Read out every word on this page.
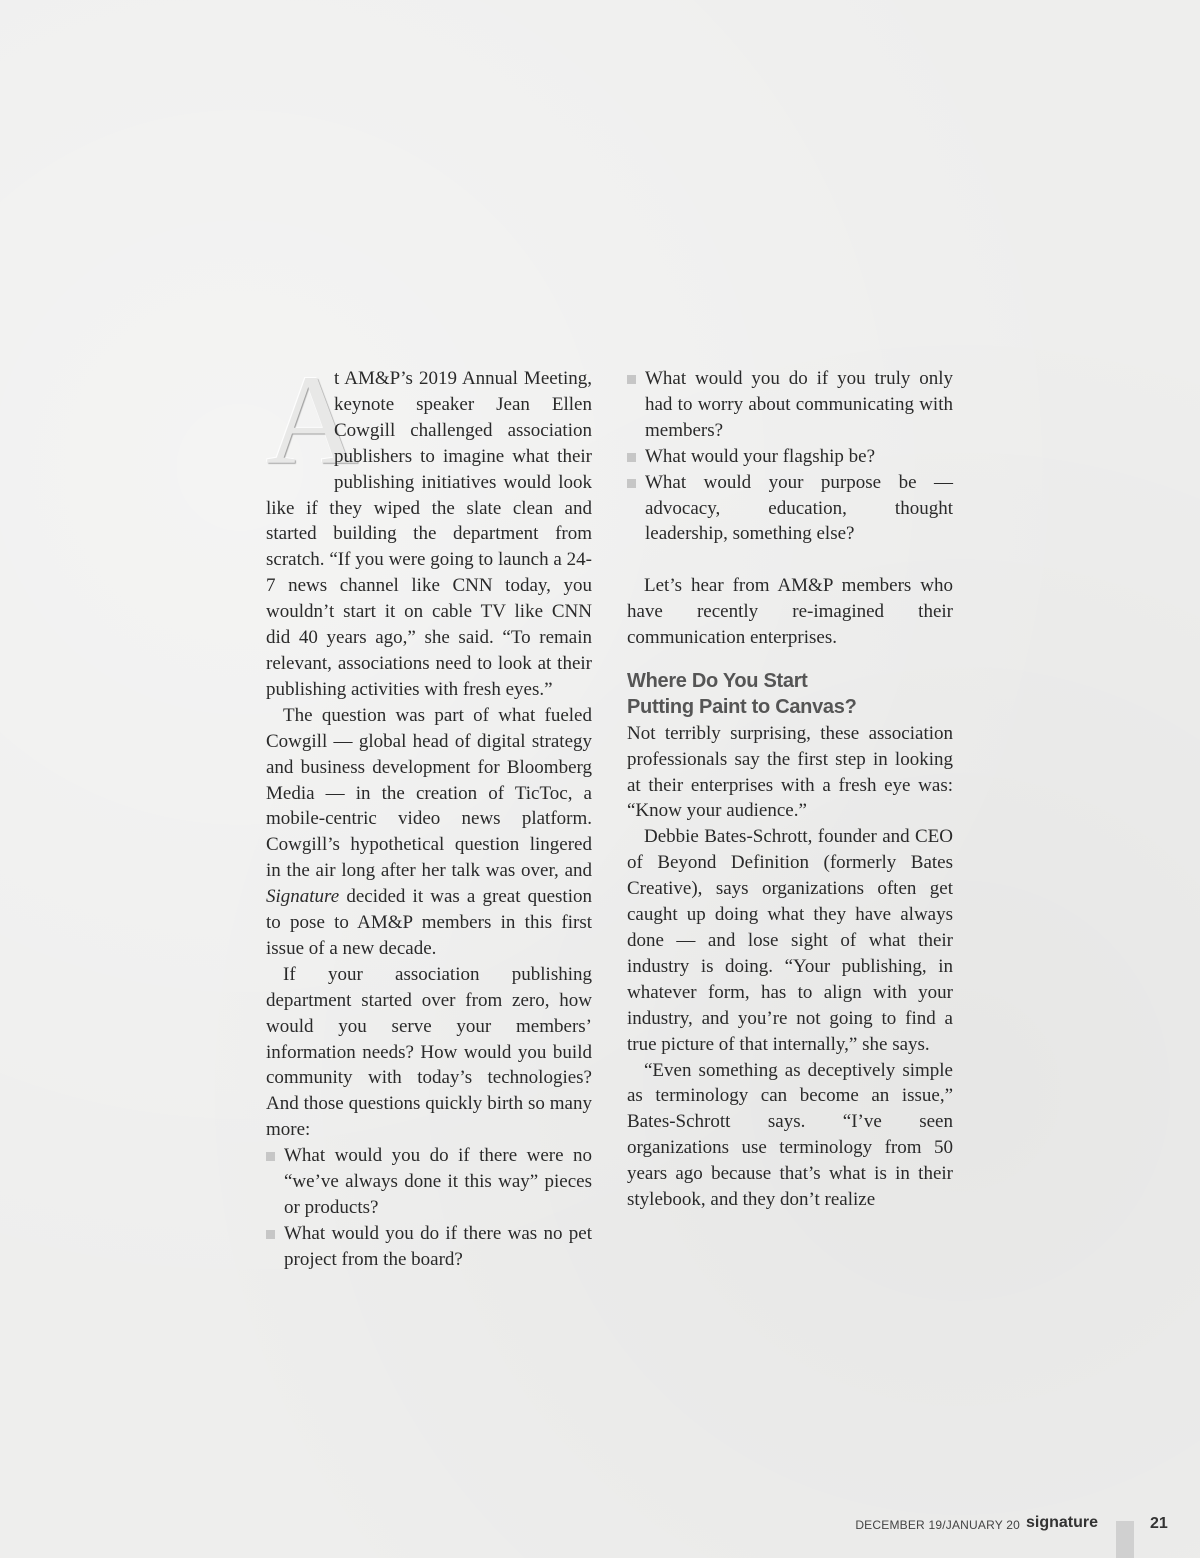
A
t AM&P’s 2019 Annual Meeting, keynote speaker Jean Ellen Cowgill challenged association publishers to imagine what their publishing initiatives would look like if they wiped the slate clean and started building the department from scratch. “If you were going to launch a 24-7 news channel like CNN today, you wouldn’t start it on cable TV like CNN did 40 years ago,” she said. “To remain relevant, associations need to look at their publishing activities with fresh eyes.”

The question was part of what fueled Cowgill — global head of digital strategy and business development for Bloomberg Media — in the creation of TicToc, a mobile-centric video news platform. Cowgill’s hypothetical question lingered in the air long after her talk was over, and Signature decided it was a great question to pose to AM&P members in this first issue of a new decade.

If your association publishing department started over from zero, how would you serve your members’ information needs? How would you build community with today’s technologies? And those questions quickly birth so many more:

What would you do if there were no “we’ve always done it this way” pieces or products?
What would you do if there was no pet project from the board?
What would you do if you truly only had to worry about communicating with members?
What would your flagship be?
What would your purpose be — advocacy, education, thought leadership, something else?

Let’s hear from AM&P members who have recently re-imagined their communication enterprises.

Where Do You Start
Putting Paint to Canvas?

Not terribly surprising, these association professionals say the first step in looking at their enterprises with a fresh eye was: “Know your audience.”

Debbie Bates-Schrott, founder and CEO of Beyond Definition (formerly Bates Creative), says organizations often get caught up doing what they have always done — and lose sight of what their industry is doing. “Your publishing, in whatever form, has to align with your industry, and you’re not going to find a true picture of that internally,” she says.

“Even something as deceptively simple as terminology can become an issue,” Bates-Schrott says. “I’ve seen organizations use terminology from 50 years ago because that’s what is in their stylebook, and they don’t realize

DECEMBER 19/JANUARY 20 signature	21
